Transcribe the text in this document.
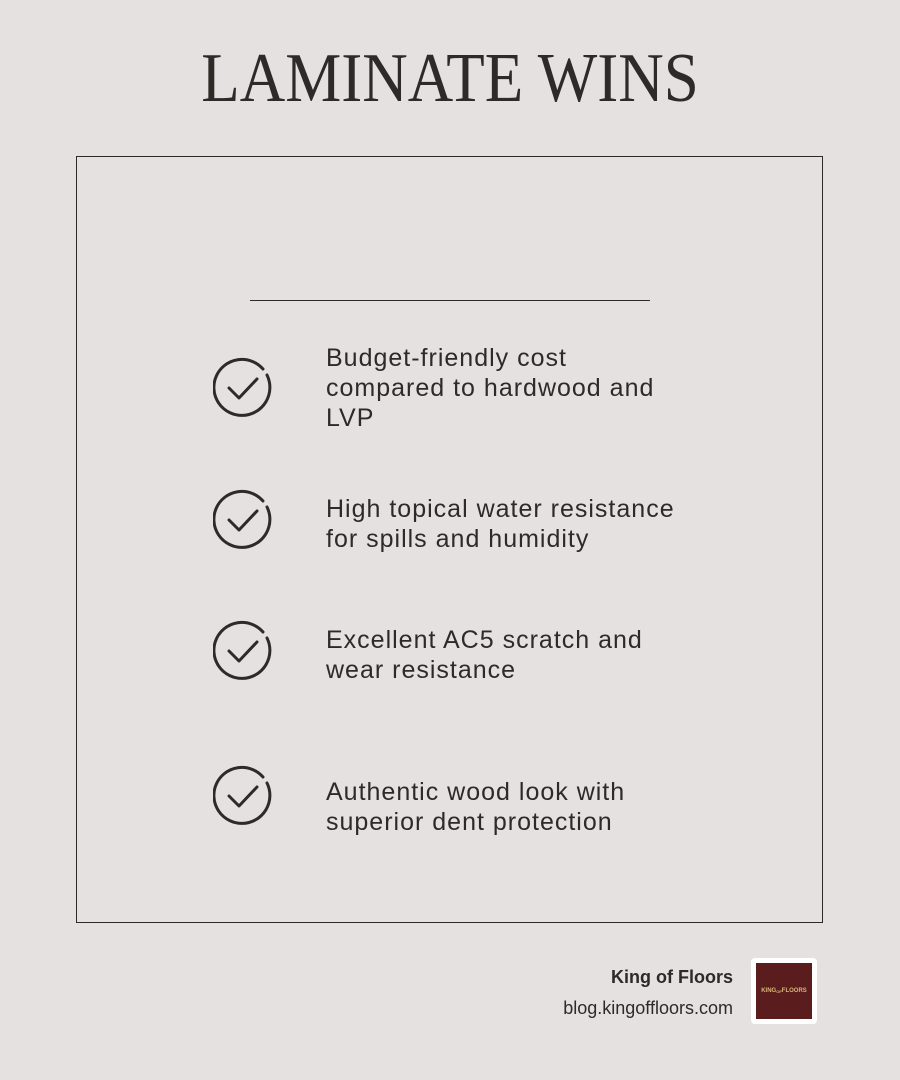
LAMINATE WINS
Budget-friendly cost
compared to hardwood and
LVP
High topical water resistance
for spills and humidity
Excellent AC5 scratch and
wear resistance
Authentic wood look with
superior dent protection
King of Floors
blog.kingoffloors.com
KING OF FLOORS
